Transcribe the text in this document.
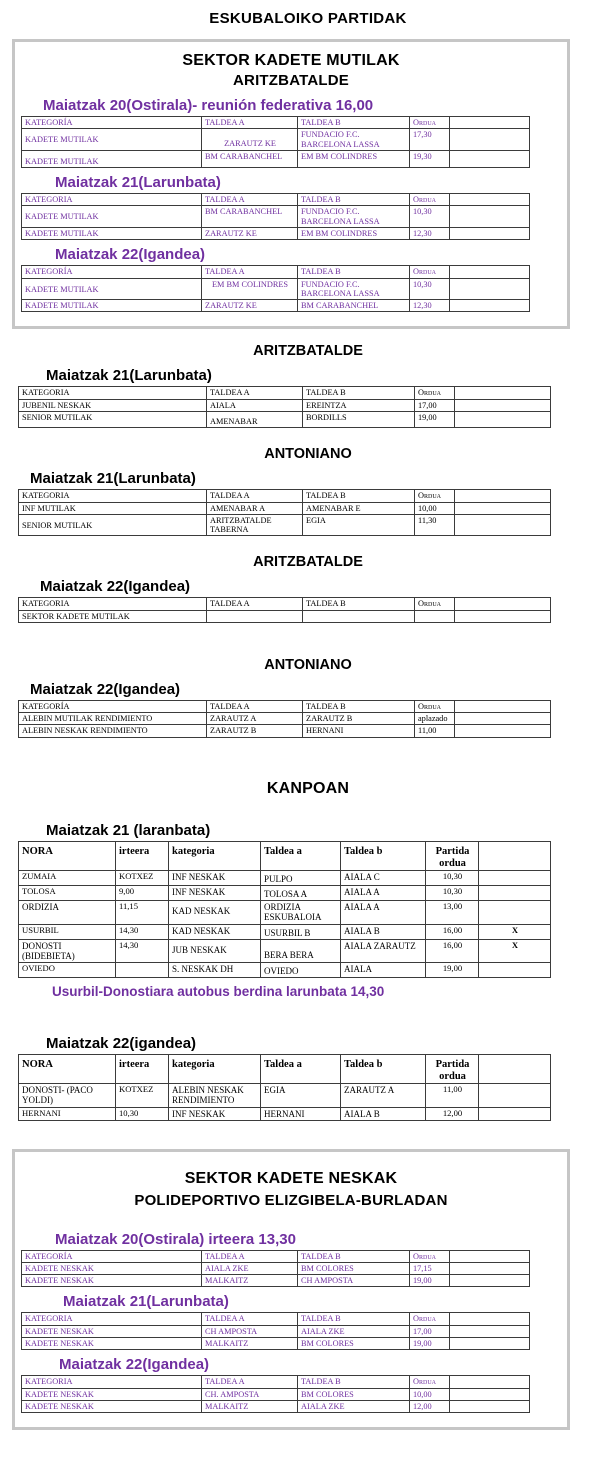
ESKUBALOIKO PARTIDAK
SEKTOR KADETE MUTILAK
ARITZBATALDE
Maiatzak 20(Ostirala)- reunión federativa 16,00
KATEGORÍA	TALDEA A	TALDEA B	Ordua	
KADETE MUTILAK	ZARAUTZ KE	FUNDACIO F.C. BARCELONA LASSA	17,30	
KADETE MUTILAK	BM CARABANCHEL	EM BM COLINDRES	19,30	
Maiatzak 21(Larunbata)
KATEGORIA	TALDEA A	TALDEA B	Ordua	
KADETE MUTILAK	BM CARABANCHEL	FUNDACIO F.C. BARCELONA LASSA	10,30	
KADETE MUTILAK	ZARAUTZ KE	EM BM COLINDRES	12,30	
Maiatzak 22(Igandea)
KATEGORÍA	TALDEA A	TALDEA B	Ordua	
KADETE MUTILAK	EM BM COLINDRES	FUNDACIO F.C. BARCELONA LASSA	10,30	
KADETE MUTILAK	ZARAUTZ KE	BM CARABANCHEL	12,30	
ARITZBATALDE
Maiatzak 21(Larunbata)
KATEGORIA	TALDEA A	TALDEA B	Ordua	
JUBENIL NESKAK	AIALA	EREINTZA	17,00	
SENIOR MUTILAK	AMENABAR	BORDILLS	19,00	
ANTONIANO
Maiatzak 21(Larunbata)
KATEGORIA	TALDEA A	TALDEA B	Ordua	
INF MUTILAK	AMENABAR A	AMENABAR E	10,00	
SENIOR MUTILAK	ARITZBATALDE TABERNA	EGIA	11,30	
ARITZBATALDE
Maiatzak 22(Igandea)
KATEGORIA	TALDEA A	TALDEA B	Ordua	
SEKTOR KADETE MUTILAK				
ANTONIANO
Maiatzak 22(Igandea)
KATEGORÍA	TALDEA A	TALDEA B	Ordua	
ALEBIN MUTILAK RENDIMIENTO	ZARAUTZ A	ZARAUTZ B	aplazado	
ALEBIN NESKAK RENDIMIENTO	ZARAUTZ B	HERNANI	11,00	
KANPOAN
Maiatzak 21 (laranbata)
NORA	irteera	kategoria	Taldea a	Taldea b	Partida ordua	
ZUMAIA	KOTXEZ	INF NESKAK	PULPO	AIALA C	10,30	
TOLOSA	9,00	INF NESKAK	TOLOSA A	AIALA A	10,30	
ORDIZIA	11,15	KAD NESKAK	ORDIZIA ESKUBALOIA	AIALA A	13,00	
USURBIL	14,30	KAD NESKAK	USURBIL B	AIALA B	16,00	X
DONOSTI (BIDEBIETA)	14,30	JUB NESKAK	BERA BERA	AIALA ZARAUTZ	16,00	X
OVIEDO		S. NESKAK DH	OVIEDO	AIALA	19,00	
Usurbil-Donostiara autobus berdina larunbata 14,30
Maiatzak 22(igandea)
NORA	irteera	kategoria	Taldea a	Taldea b	Partida ordua	
DONOSTI- (PACO YOLDI)	KOTXEZ	ALEBIN NESKAK RENDIMIENTO	EGIA	ZARAUTZ A	11,00	
HERNANI	10,30	INF NESKAK	HERNANI	AIALA B	12,00	
SEKTOR KADETE NESKAK
POLIDEPORTIVO ELIZGIBELA-BURLADAN
Maiatzak 20(Ostirala) irteera 13,30
KATEGORÍA	TALDEA A	TALDEA B	Ordua	
KADETE NESKAK	AIALA ZKE	BM COLORES	17,15	
KADETE NESKAK	MALKAITZ	CH AMPOSTA	19,00	
Maiatzak 21(Larunbata)
KATEGORIA	TALDEA A	TALDEA B	Ordua	
KADETE NESKAK	CH AMPOSTA	AIALA ZKE	17,00	
KADETE NESKAK	MALKAITZ	BM COLORES	19,00	
Maiatzak 22(Igandea)
KATEGORIA	TALDEA A	TALDEA B	Ordua	
KADETE NESKAK	CH. AMPOSTA	BM COLORES	10,00	
KADETE NESKAK	MALKAITZ	AIALA ZKE	12,00	
